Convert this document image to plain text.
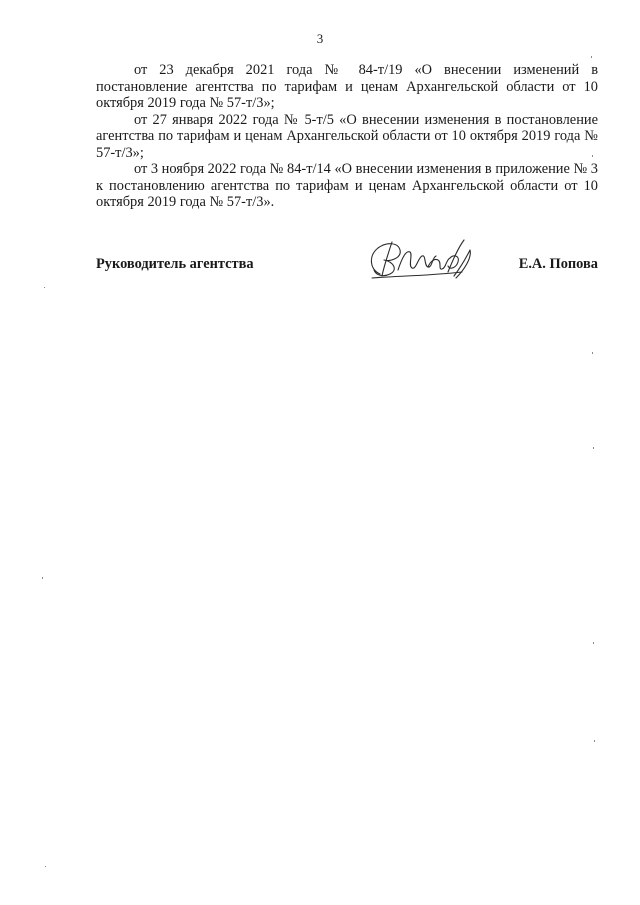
3

от 23 декабря 2021 года № 84-т/19 «О внесении изменений в постановление агентства по тарифам и ценам Архангельской области от 10 октября 2019 года № 57-т/3»;

от 27 января 2022 года № 5-т/5 «О внесении изменения в постановление агентства по тарифам и ценам Архангельской области от 10 октября 2019 года № 57-т/3»;

от 3 ноября 2022 года № 84-т/14 «О внесении изменения в приложение № 3 к постановлению агентства по тарифам и ценам Архангельской области от 10 октября 2019 года № 57-т/3».

Руководитель агентства	Е.А. Попова
